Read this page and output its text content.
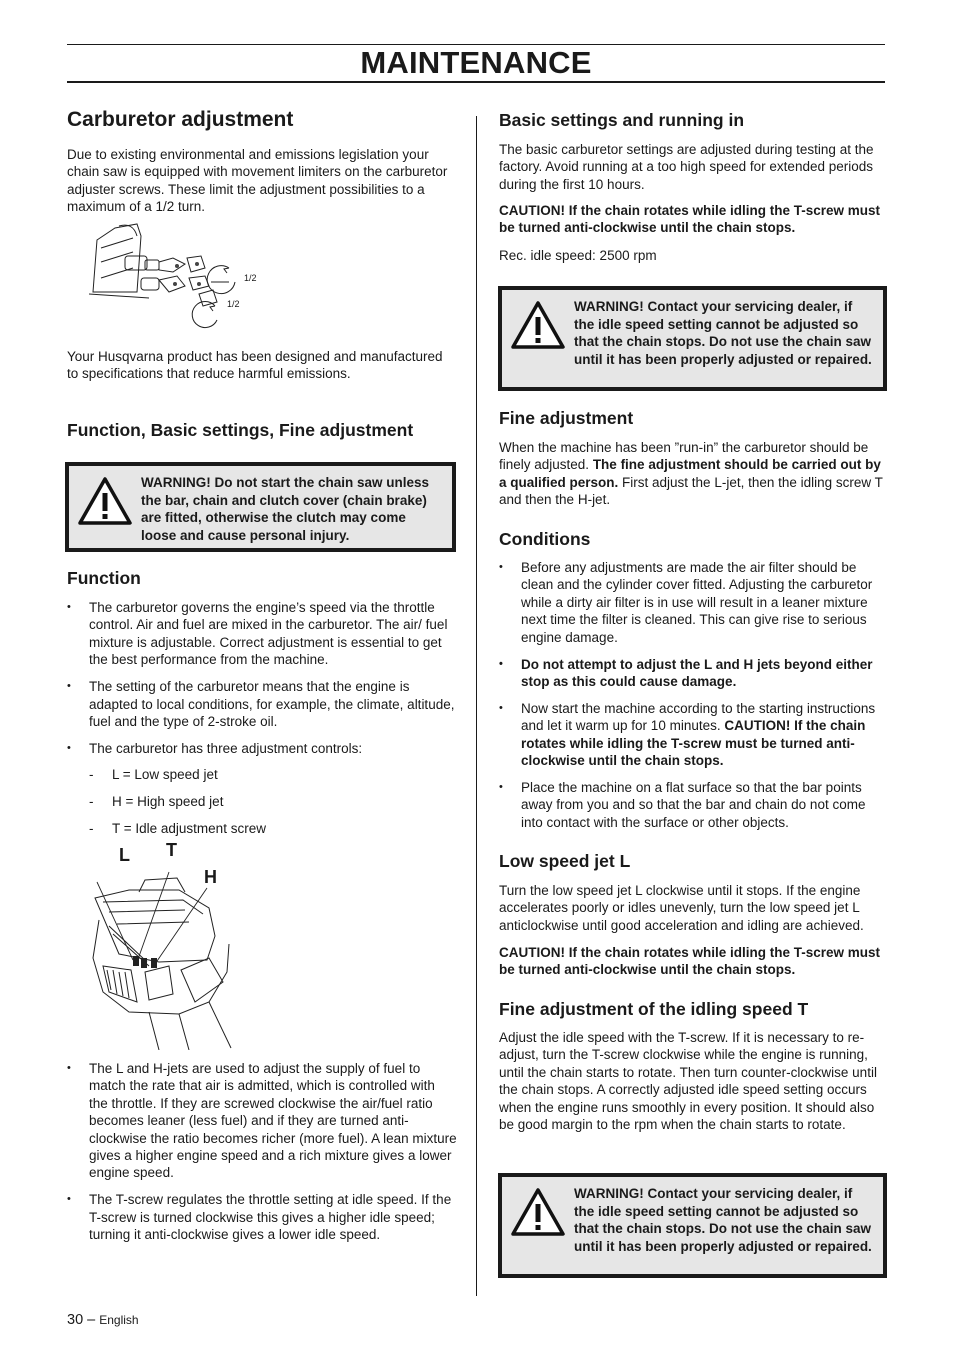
MAINTENANCE
Carburetor adjustment

Due to existing environmental and emissions legislation your chain saw is equipped with movement limiters on the carburetor adjuster screws. These limit the adjustment possibilities to a maximum of a 1/2 turn.

1/2
1/2

Your Husqvarna product has been designed and manufactured to specifications that reduce harmful emissions.

Function, Basic settings, Fine adjustment
WARNING! Do not start the chain saw unless the bar, chain and clutch cover (chain brake) are fitted, otherwise the clutch may come loose and cause personal injury.
Function
• The carburetor governs the engine’s speed via the throttle control. Air and fuel are mixed in the carburetor. The air/ fuel mixture is adjustable. Correct adjustment is essential to get the best performance from the machine.
• The setting of the carburetor means that the engine is adapted to local conditions, for example, the climate, altitude, fuel and the type of 2-stroke oil.
• The carburetor has three adjustment controls:
- L = Low speed jet
- H = High speed jet
- T = Idle adjustment screw
L T
H
• The L and H-jets are used to adjust the supply of fuel to match the rate that air is admitted, which is controlled with the throttle. If they are screwed clockwise the air/fuel ratio becomes leaner (less fuel) and if they are turned anti-clockwise the ratio becomes richer (more fuel). A lean mixture gives a higher engine speed and a rich mixture gives a lower engine speed.
• The T-screw regulates the throttle setting at idle speed. If the T-screw is turned clockwise this gives a higher idle speed; turning it anti-clockwise gives a lower idle speed.
Basic settings and running in

The basic carburetor settings are adjusted during testing at the factory. Avoid running at a too high speed for extended periods during the first 10 hours.

CAUTION! If the chain rotates while idling the T-screw must be turned anti-clockwise until the chain stops.

Rec. idle speed: 2500 rpm

WARNING! Contact your servicing dealer, if the idle speed setting cannot be adjusted so that the chain stops. Do not use the chain saw until it has been properly adjusted or repaired.
Fine adjustment

When the machine has been ”run-in” the carburetor should be finely adjusted. The fine adjustment should be carried out by a qualified person. First adjust the L-jet, then the idling screw T and then the H-jet.

Conditions
• Before any adjustments are made the air filter should be clean and the cylinder cover fitted. Adjusting the carburetor while a dirty air filter is in use will result in a leaner mixture next time the filter is cleaned. This can give rise to serious engine damage.
• Do not attempt to adjust the L and H jets beyond either stop as this could cause damage.
• Now start the machine according to the starting instructions and let it warm up for 10 minutes. CAUTION! If the chain rotates while idling the T-screw must be turned anti-clockwise until the chain stops.
• Place the machine on a flat surface so that the bar points away from you and so that the bar and chain do not come into contact with the surface or other objects.
Low speed jet L

Turn the low speed jet L clockwise until it stops. If the engine accelerates poorly or idles unevenly, turn the low speed jet L anticlockwise until good acceleration and idling are achieved.

CAUTION! If the chain rotates while idling the T-screw must be turned anti-clockwise until the chain stops.

Fine adjustment of the idling speed T

Adjust the idle speed with the T-screw. If it is necessary to re-adjust, turn the T-screw clockwise while the engine is running, until the chain starts to rotate. Then turn counter-clockwise until the chain stops. A correctly adjusted idle speed setting occurs when the engine runs smoothly in every position. It should also be good margin to the rpm when the chain starts to rotate.

WARNING! Contact your servicing dealer, if the idle speed setting cannot be adjusted so that the chain stops. Do not use the chain saw until it has been properly adjusted or repaired.
30 – English
